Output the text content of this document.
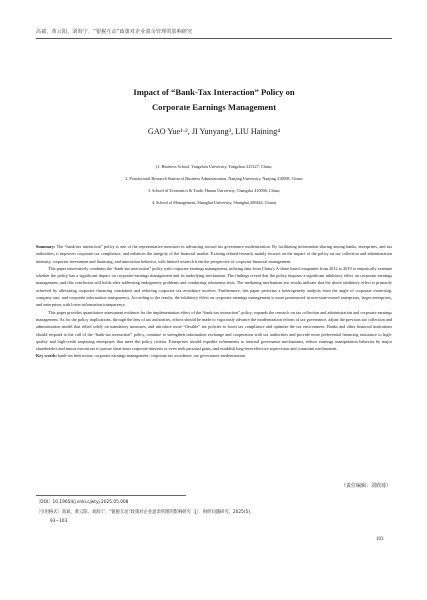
高斌，黄云阳，刘海宁．“银税互动”政策对企业盈余管理的影响研究
Impact of “Bank-Tax Interaction” Policy on
Corporate Earnings Management
GAO Yue¹·², JI Yunyang³, LIU Haining⁴
(1. Business School, Yangzhou University, Yangzhou 225127, China;
2. Postdoctoral Research Station of Business Administration, Nanjing University, Nanjing 210008, China;
3. School of Economics & Trade, Hunan University, Changsha 410006, China;
4. School of Management, Shanghai University, Shanghai 200444, China)

Summary: The “bank-tax interaction” policy is one of the representative measures in advancing toward tax governance modernization. By facilitating information sharing among banks, enterprises, and tax authorities, it improves corporate tax compliance, and enhances the integrity of the financial market. Existing related research mainly focuses on the impact of the policy on tax collection and administration intensity, corporate investment and financing, and innovation behavior, with limited research from the perspective of corporate financial management.

This paper innovatively combines the “bank-tax interaction” policy with corporate earnings management, utilizing data from China’s A-share listed companies from 2012 to 2019 to empirically examine whether the policy has a significant impact on corporate earnings management and its underlying mechanism. The findings reveal that the policy imposes a significant inhibitory effect on corporate earnings management, and this conclusion still holds after addressing endogeneity problems and conducting robustness tests. The mediating mechanism test results indicate that the above inhibitory effect is primarily achieved by alleviating corporate financing constraints and reducing corporate tax avoidance motives. Furthermore, this paper performs a heterogeneity analysis from the angle of corporate ownership, company size, and corporate information transparency. According to the results, the inhibitory effect on corporate earnings management is more pronounced in non-state-owned enterprises, larger enterprises, and enterprises with lower information transparency.

This paper provides quantitative assessment evidence for the implementation effect of the “bank-tax interaction” policy, expands the research on tax collection and administration and corporate earnings management. As for the policy implications, through the lens of tax authorities, efforts should be made to vigorously advance the modernization reform of tax governance, adjust the previous tax collection and administration model that relied solely on mandatory measures, and introduce more “flexible” tax policies to boost tax compliance and optimize the tax environment. Banks and other financial institutions should respond to the call of the “bank-tax interaction” policy, continue to strengthen information exchange and cooperation with tax authorities and provide more preferential financing assistance to high-quality and high-credit taxpaying enterprises that meet the policy criteria. Enterprises should expedite refinements to internal governance mechanisms, reduce earnings manipulation behavior by major shareholders and senior executives to pursue short-term corporate interests or even seek personal gains, and establish long-term effective supervision and constraint mechanisms.

Key words: bank-tax interaction; corporate earnings management; corporate tax avoidance; tax governance modernization

（责任编辑：刘欣琦）
［DOI］10.19654/j.cnki.cjwtyj.2025.05.008
［引用格式］高斌，黄云阳，刘海宁．“银税互动”政策对企业盈余管理的影响研究［J］．财经问题研究，2025(5)：
93−103.
103
